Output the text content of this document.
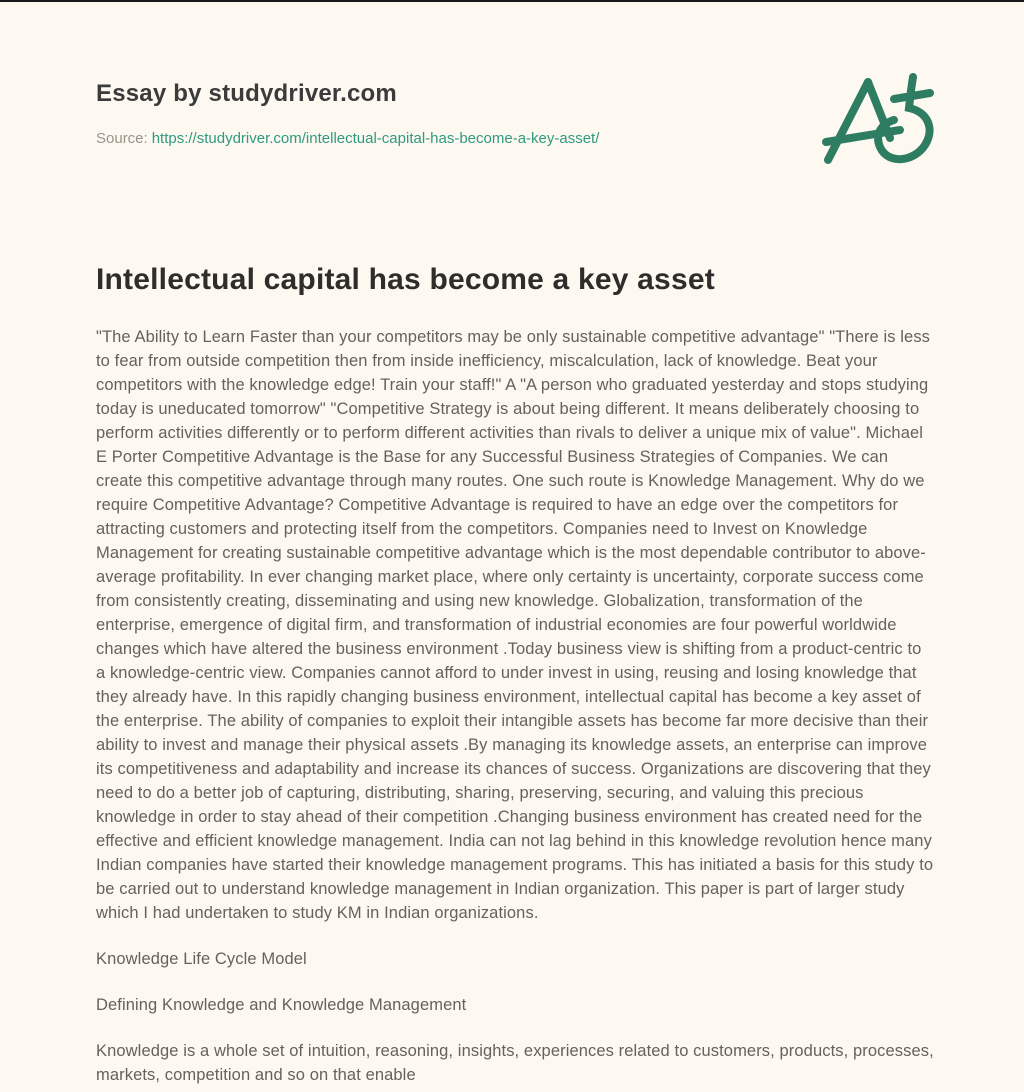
Essay by studydriver.com
Source: https://studydriver.com/intellectual-capital-has-become-a-key-asset/
Intellectual capital has become a key asset

"The Ability to Learn Faster than your competitors may be only sustainable competitive advantage" "There is less to fear from outside competition then from inside inefficiency, miscalculation, lack of knowledge. Beat your competitors with the knowledge edge! Train your staff!" A "A person who graduated yesterday and stops studying today is uneducated tomorrow" "Competitive Strategy is about being different. It means deliberately choosing to perform activities differently or to perform different activities than rivals to deliver a unique mix of value". Michael E Porter Competitive Advantage is the Base for any Successful Business Strategies of Companies. We can create this competitive advantage through many routes. One such route is Knowledge Management. Why do we require Competitive Advantage? Competitive Advantage is required to have an edge over the competitors for attracting customers and protecting itself from the competitors. Companies need to Invest on Knowledge Management for creating sustainable competitive advantage which is the most dependable contributor to above-average profitability. In ever changing market place, where only certainty is uncertainty, corporate success come from consistently creating, disseminating and using new knowledge. Globalization, transformation of the enterprise, emergence of digital firm, and transformation of industrial economies are four powerful worldwide changes which have altered the business environment .Today business view is shifting from a product-centric to a knowledge-centric view. Companies cannot afford to under invest in using, reusing and losing knowledge that they already have. In this rapidly changing business environment, intellectual capital has become a key asset of the enterprise. The ability of companies to exploit their intangible assets has become far more decisive than their ability to invest and manage their physical assets .By managing its knowledge assets, an enterprise can improve its competitiveness and adaptability and increase its chances of success. Organizations are discovering that they need to do a better job of capturing, distributing, sharing, preserving, securing, and valuing this precious knowledge in order to stay ahead of their competition .Changing business environment has created need for the effective and efficient knowledge management. India can not lag behind in this knowledge revolution hence many Indian companies have started their knowledge management programs. This has initiated a basis for this study to be carried out to understand knowledge management in Indian organization. This paper is part of larger study which I had undertaken to study KM in Indian organizations.

Knowledge Life Cycle Model

Defining Knowledge and Knowledge Management

Knowledge is a whole set of intuition, reasoning, insights, experiences related to customers, products, processes, markets, competition and so on that enable
